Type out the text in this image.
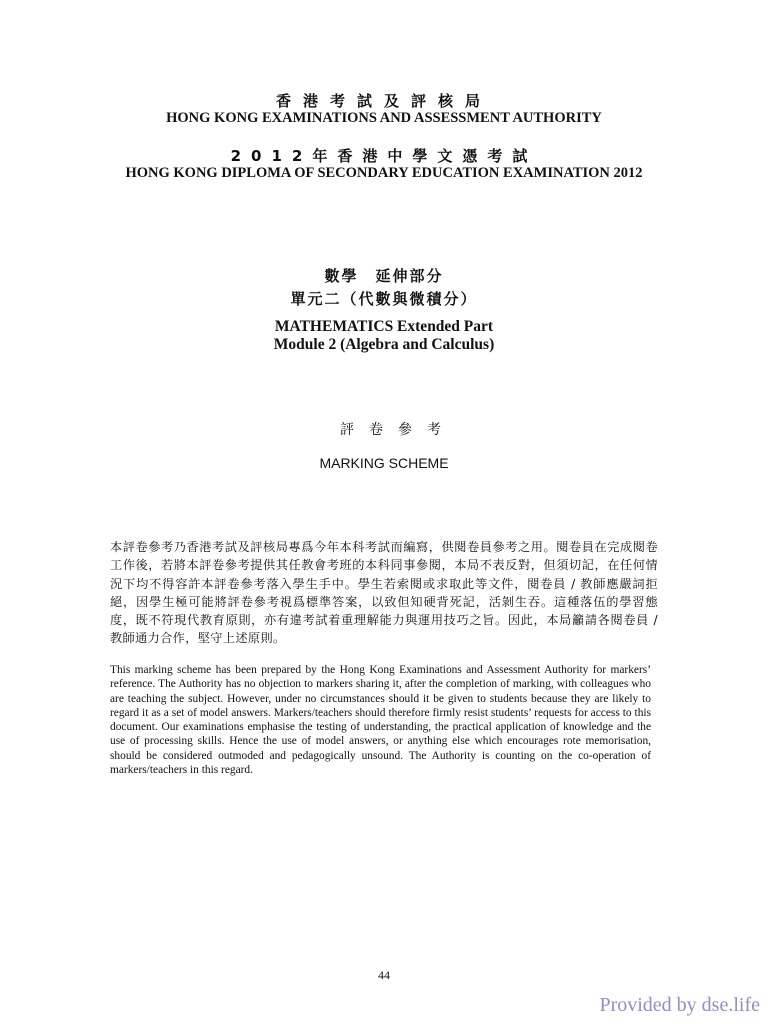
香港考試及評核局
HONG KONG EXAMINATIONS AND ASSESSMENT AUTHORITY
2012年香港中學文憑考試
HONG KONG DIPLOMA OF SECONDARY EDUCATION EXAMINATION 2012
數學　延伸部分
單元二（代數與微積分）
MATHEMATICS Extended Part
Module 2 (Algebra and Calculus)
評卷參考
MARKING SCHEME
本評卷參考乃香港考試及評核局專爲今年本科考試而編寫，供閱卷員參考之用。閱卷員在完成閱卷工作後，若將本評卷參考提供其任教會考班的本科同事參閱，本局不表反對，但須切記，在任何情況下均不得容許本評卷參考落入學生手中。學生若索閱或求取此等文件，閱卷員 / 教師應嚴詞拒絕，因學生極可能將評卷參考視爲標準答案，以致但知硬背死記，活剝生吞。這種落伍的學習態度，既不符現代教育原則，亦有違考試着重理解能力與運用技巧之旨。因此，本局籲請各閱卷員 / 教師通力合作，堅守上述原則。
This marking scheme has been prepared by the Hong Kong Examinations and Assessment Authority for markers’ reference. The Authority has no objection to markers sharing it, after the completion of marking, with colleagues who are teaching the subject. However, under no circumstances should it be given to students because they are likely to regard it as a set of model answers. Markers/teachers should therefore firmly resist students’ requests for access to this document. Our examinations emphasise the testing of understanding, the practical application of knowledge and the use of processing skills. Hence the use of model answers, or anything else which encourages rote memorisation, should be considered outmoded and pedagogically unsound. The Authority is counting on the co-operation of markers/teachers in this regard.
44
Provided by dse.life
